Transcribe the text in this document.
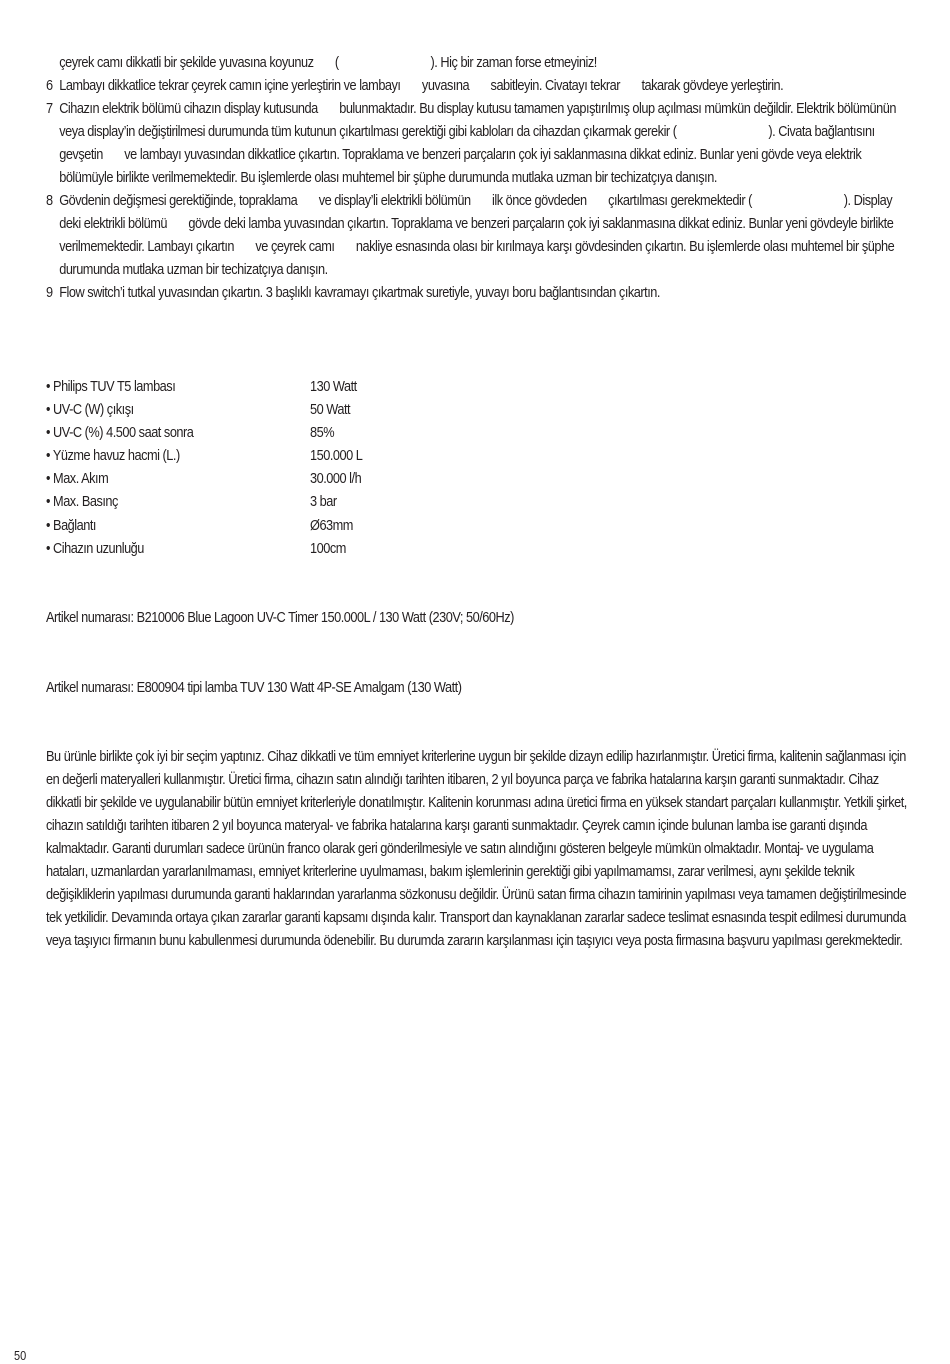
çeyrek camı dikkatli bir şekilde yuvasına koyunuz       (                              ). Hiç bir zaman forse etmeyiniz!
6 Lambayı dikkatlice tekrar çeyrek camın içine yerleştirin ve lambayı       yuvasına       sabitleyin. Civatayı tekrar       takarak gövdeye yerleştirin.
7 Cihazın elektrik bölümü cihazın display kutusunda       bulunmaktadır. Bu display kutusu tamamen yapıştırılmış olup açılması mümkün değildir. Elektrik bölümünün veya display’in değiştirilmesi durumunda tüm kutunun çıkartılması gerektiği gibi kabloları da cihazdan çıkarmak gerekir (                              ). Civata bağlantısını gevşetin       ve lambayı yuvasından dikkatlice çıkartın. Topraklama ve benzeri parçaların çok iyi saklanmasına dikkat ediniz. Bunlar yeni gövde veya elektrik bölümüyle birlikte verilmemektedir. Bu işlemlerde olası muhtemel bir şüphe durumunda mutlaka uzman bir techizatçıya danışın.
8 Gövdenin değişmesi gerektiğinde, topraklama       ve display’li elektrikli bölümün       ilk önce gövdeden       çıkartılması gerekmektedir (                              ). Display deki elektrikli bölümü       gövde deki lamba yuvasından çıkartın. Topraklama ve benzeri parçaların çok iyi saklanmasına dikkat ediniz. Bunlar yeni gövdeyle birlikte verilmemektedir. Lambayı çıkartın       ve çeyrek camı       nakliye esnasında olası bir kırılmaya karşı gövdesinden çıkartın. Bu işlemlerde olası muhtemel bir şüphe durumunda mutlaka uzman bir techizatçıya danışın.
9 Flow switch’i tutkal yuvasından çıkartın. 3 başlıklı kavramayı çıkartmak suretiyle, yuvayı boru bağlantısından çıkartın.
• Philips TUV T5 lambası	130 Watt
• UV-C (W) çıkışı	50 Watt
• UV-C (%) 4.500 saat sonra	85%
• Yüzme havuz hacmi (L.)	150.000 L
• Max. Akım	30.000 l/h
• Max. Basınç	3 bar
• Bağlantı	Ø63mm
• Cihazın uzunluğu	100cm
Artikel numarası: B210006 Blue Lagoon UV-C Timer 150.000L / 130 Watt (230V; 50/60Hz)
Artikel numarası: E800904 tipi lamba TUV 130 Watt 4P-SE Amalgam (130 Watt)

Bu ürünle birlikte çok iyi bir seçim yaptınız. Cihaz dikkatli ve tüm emniyet kriterlerine uygun bir şekilde dizayn edilip hazırlanmıştır. Üretici firma, kalitenin sağlanması için en değerli materyalleri kullanmıştır. Üretici firma, cihazın satın alındığı tarihten itibaren, 2 yıl boyunca parça ve fabrika hatalarına karşın garanti sunmaktadır. Cihaz dikkatli bir şekilde ve uygulanabilir bütün emniyet kriterleriyle donatılmıştır. Kalitenin korunması adına üretici firma en yüksek standart parçaları kullanmıştır. Yetkili şirket, cihazın satıldığı tarihten itibaren 2 yıl boyunca materyal- ve fabrika hatalarına karşı garanti sunmaktadır. Çeyrek camın içinde bulunan lamba ise garanti dışında kalmaktadır. Garanti durumları sadece ürünün franco olarak geri gönderilmesiyle ve satın alındığını gösteren belgeyle mümkün olmaktadır. Montaj- ve uygulama hataları, uzmanlardan yararlanılmaması, emniyet kriterlerine uyulmaması, bakım işlemlerinin gerektiği gibi yapılmamamsı, zarar verilmesi, aynı şekilde teknik değişikliklerin yapılması durumunda garanti haklarından yararlanma sözkonusu değildir. Ürünü satan firma cihazın tamirinin yapılması veya tamamen değiştirilmesinde tek yetkilidir. Devamında ortaya çıkan zararlar garanti kapsamı dışında kalır. Transport dan kaynaklanan zararlar sadece teslimat esnasında tespit edilmesi durumunda veya taşıyıcı firmanın bunu kabullenmesi durumunda ödenebilir. Bu durumda zararın karşılanması için taşıyıcı veya posta firmasına başvuru yapılması gerekmektedir.

50
